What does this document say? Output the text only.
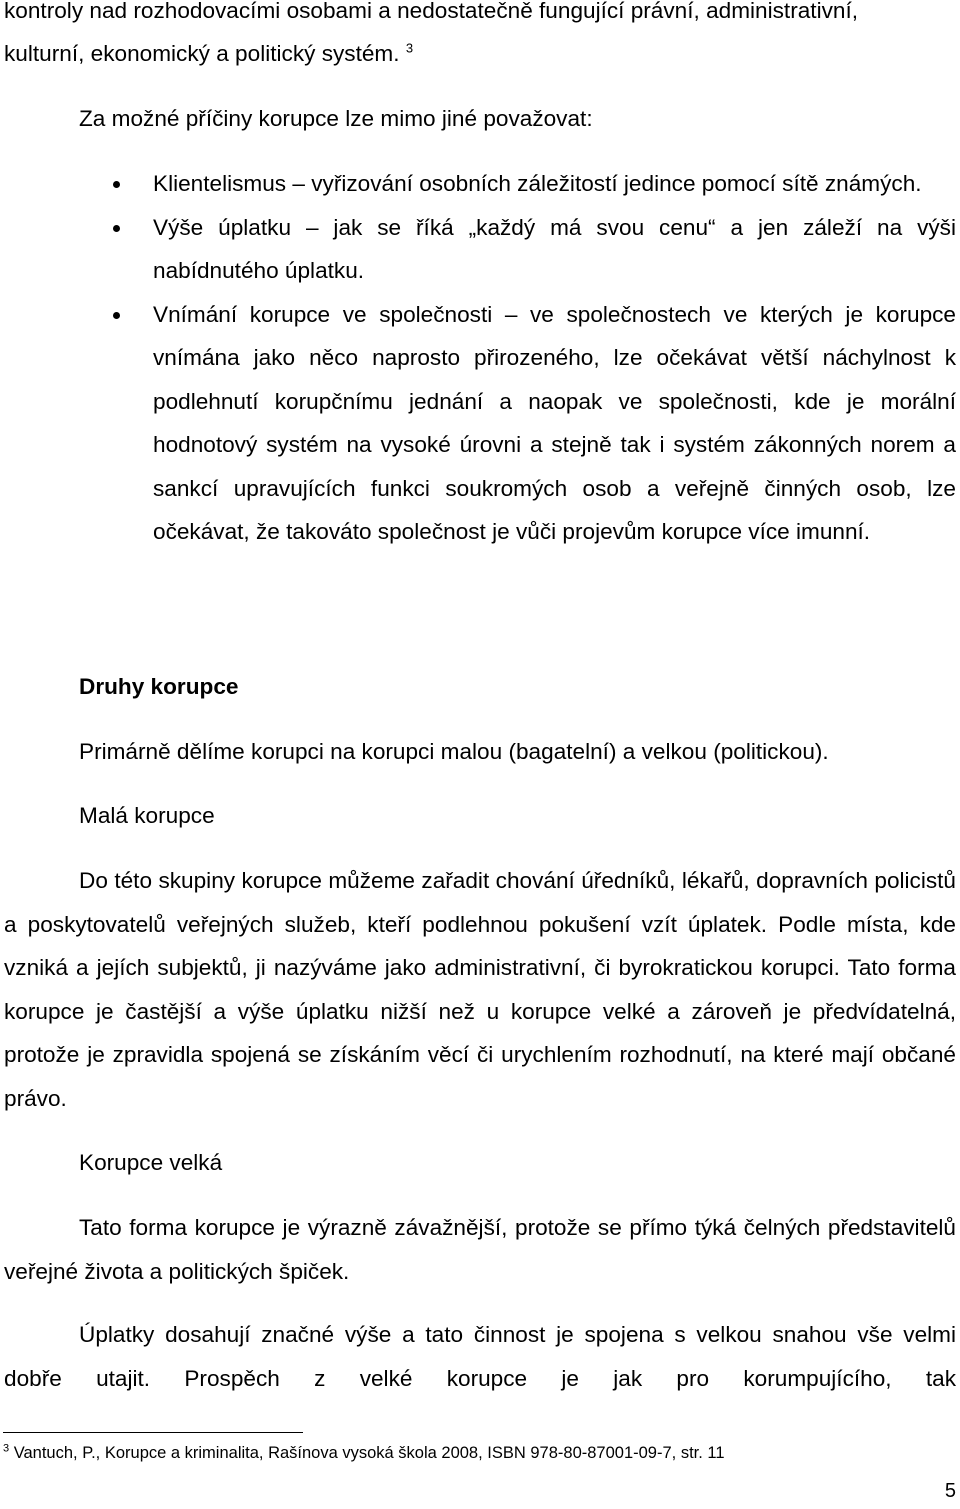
kontroly nad rozhodovacími osobami a nedostatečně fungující právní, administrativní,

kulturní, ekonomický a politický systém. $^3$

Za možné příčiny korupce lze mimo jiné považovat:

Klientelismus – vyřizování osobních záležitostí jedince pomocí sítě známých.
Výše úplatku – jak se říká „každý má svou cenu“ a jen záleží na výši nabídnutého úplatku.
Vnímání korupce ve společnosti – ve společnostech ve kterých je korupce vnímána jako něco naprosto přirozeného, lze očekávat větší náchylnost k podlehnutí korupčnímu jednání a naopak ve společnosti, kde je morální hodnotový systém na vysoké úrovni a stejně tak i systém zákonných norem a sankcí upravujících funkci soukromých osob a veřejně činných osob, lze očekávat, že takováto společnost je vůči projevům korupce více imunní.
Druhy korupce

Primárně dělíme korupci na korupci malou (bagatelní) a velkou (politickou).

Malá korupce

Do této skupiny korupce můžeme zařadit chování úředníků, lékařů, dopravních policistů a poskytovatelů veřejných služeb, kteří podlehnou pokušení vzít úplatek. Podle místa, kde vzniká a jejích subjektů, ji nazýváme jako administrativní, či byrokratickou korupci. Tato forma korupce je častější a výše úplatku nižší než u korupce velké a zároveň je předvídatelná, protože je zpravidla spojená se získáním věcí či urychlením rozhodnutí, na které mají občané právo.

Korupce velká

Tato forma korupce je výrazně závažnější, protože se přímo týká čelných představitelů veřejné života a politických špiček.

Úplatky dosahují značné výše a tato činnost je spojena s velkou snahou vše velmi dobře utajit. Prospěch z velké korupce je jak pro korumpujícího, tak

$^3$ Vantuch, P., Korupce a kriminalita, Rašínova vysoká škola 2008, ISBN 978-80-87001-09-7, str. 11
5
